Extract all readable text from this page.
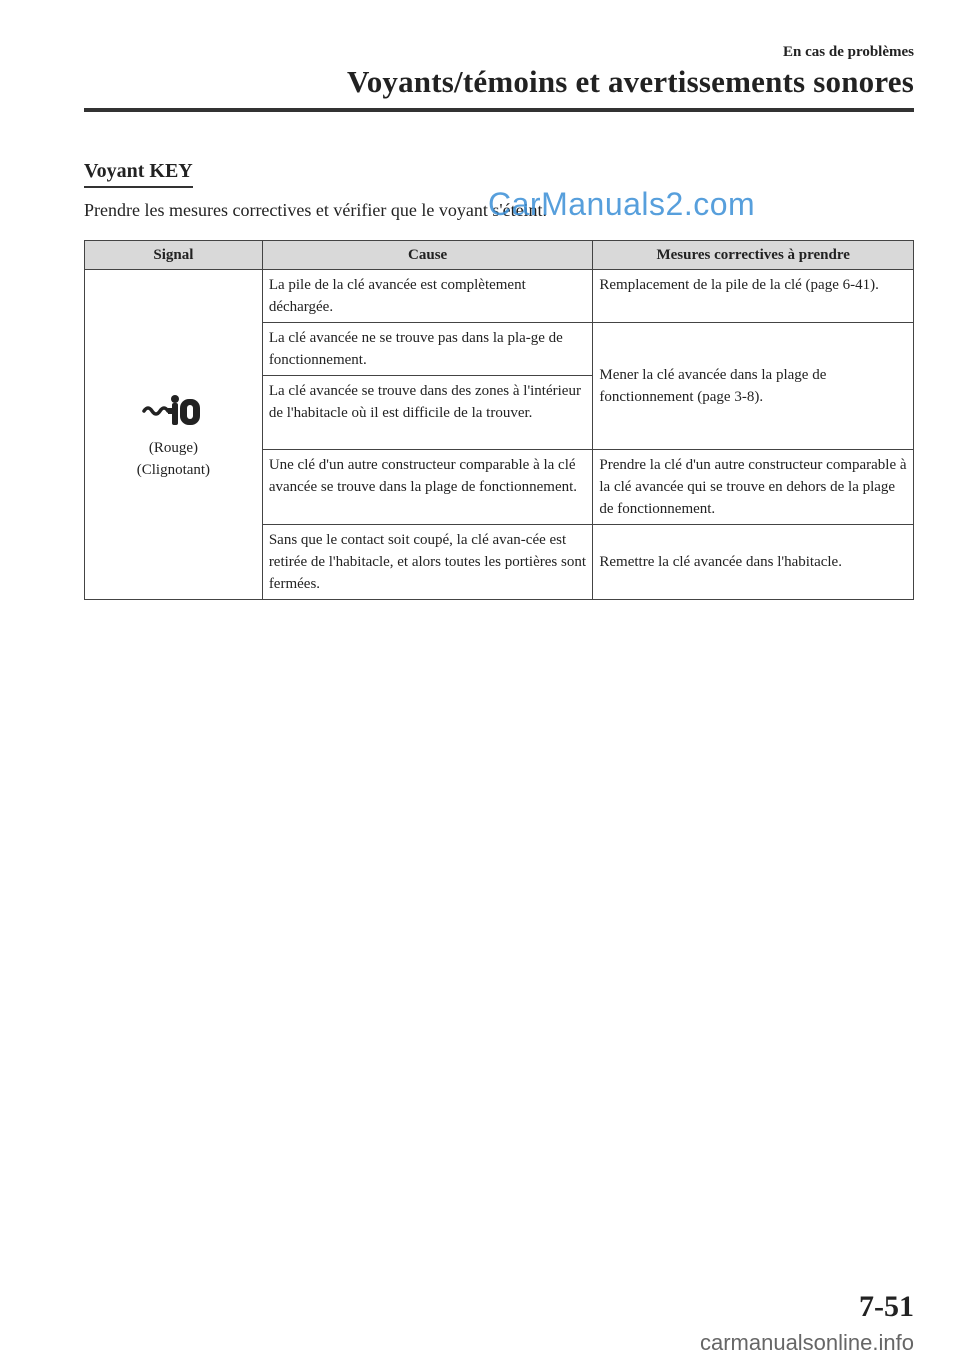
En cas de problèmes
Voyants/témoins et avertissements sonores
Voyant KEY
Prendre les mesures correctives et vérifier que le voyant s'éteint.
CarManuals2.com
Signal	Cause	Mesures correctives à prendre

(Rouge)
(Clignotant)	La pile de la clé avancée est complètement déchargée.	Remplacement de la pile de la clé (page 6-41).
	La clé avancée ne se trouve pas dans la pla-ge de fonctionnement.	Mener la clé avancée dans la plage de fonctionnement (page 3-8).
	La clé avancée se trouve dans des zones à l'intérieur de l'habitacle où il est difficile de la trouver.	
	Une clé d'un autre constructeur comparable à la clé avancée se trouve dans la plage de fonctionnement.	Prendre la clé d'un autre constructeur comparable à la clé avancée qui se trouve en dehors de la plage de fonctionnement.
	Sans que le contact soit coupé, la clé avan-cée est retirée de l'habitacle, et alors toutes les portières sont fermées.	Remettre la clé avancée dans l'habitacle.
7-51
carmanualsonline.info
